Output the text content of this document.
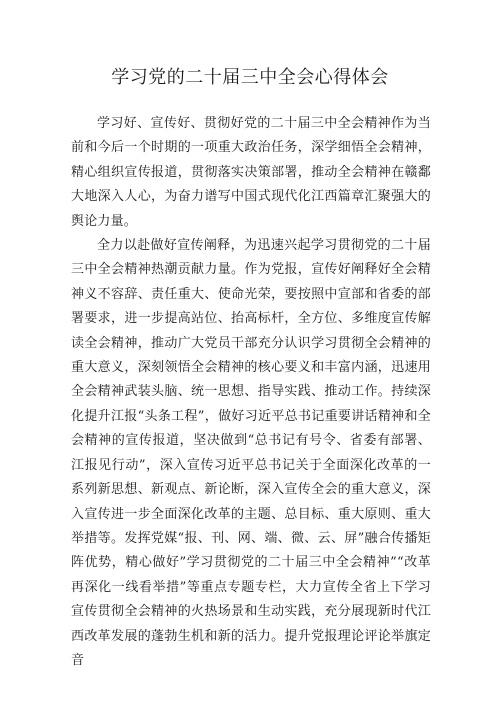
学习党的二十届三中全会心得体会

学习好、宣传好、贯彻好党的二十届三中全会精神作为当前和今后一个时期的一项重大政治任务，深学细悟全会精神，精心组织宣传报道，贯彻落实决策部署，推动全会精神在赣鄱大地深入人心，为奋力谱写中国式现代化江西篇章汇聚强大的舆论力量。

全力以赴做好宣传阐释，为迅速兴起学习贯彻党的二十届三中全会精神热潮贡献力量。作为党报，宣传好阐释好全会精神义不容辞、责任重大、使命光荣，要按照中宣部和省委的部署要求，进一步提高站位、抬高标杆，全方位、多维度宣传解读全会精神，推动广大党员干部充分认识学习贯彻全会精神的重大意义，深刻领悟全会精神的核心要义和丰富内涵，迅速用全会精神武装头脑、统一思想、指导实践、推动工作。持续深化提升江报“头条工程”，做好习近平总书记重要讲话精神和全会精神的宣传报道，坚决做到“总书记有号令、省委有部署、江报见行动”，深入宣传习近平总书记关于全面深化改革的一系列新思想、新观点、新论断，深入宣传全会的重大意义，深入宣传进一步全面深化改革的主题、总目标、重大原则、重大举措等。发挥党媒“报、刊、网、端、微、云、屏”融合传播矩阵优势，精心做好”学习贯彻党的二十届三中全会精神”“改革再深化一线看举措”等重点专题专栏，大力宣传全省上下学习宣传贯彻全会精神的火热场景和生动实践，充分展现新时代江西改革发展的蓬勃生机和新的活力。提升党报理论评论举旗定音
